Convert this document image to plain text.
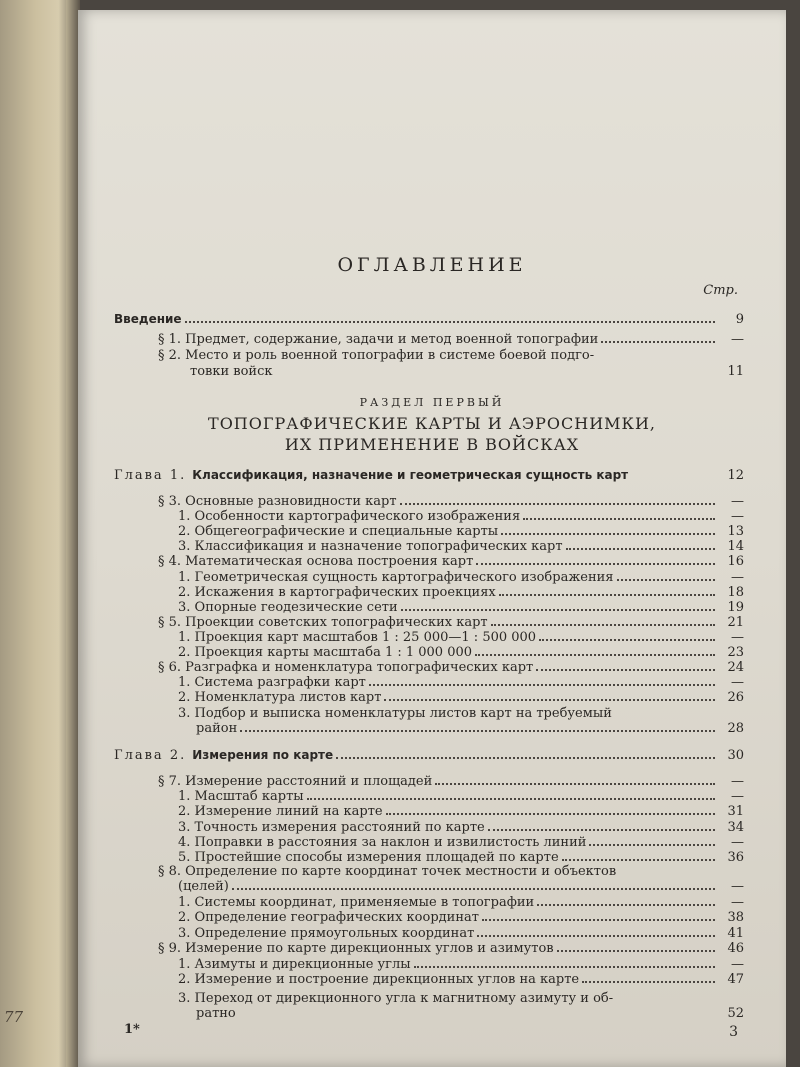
77
ОГЛАВЛЕНИЕ
Стр.
Введение	9
§ 1. Предмет, содержание, задачи и метод военной топографии	—
§ 2. Место и роль военной топографии в системе боевой подго-
товки войск	11
РАЗДЕЛ ПЕРВЫЙ
ТОПОГРАФИЧЕСКИЕ КАРТЫ И АЭРОСНИМКИ,
ИХ ПРИМЕНЕНИЕ В ВОЙСКАХ
Глава 1. Классификация, назначение и геометрическая сущность карт	12
§ 3. Основные разновидности карт	—
1. Особенности картографического изображения	—
2. Общегеографические и специальные карты	13
3. Классификация и назначение топографических карт	14
§ 4. Математическая основа построения карт	16
1. Геометрическая сущность картографического изображения	—
2. Искажения в картографических проекциях	18
3. Опорные геодезические сети	19
§ 5. Проекции советских топографических карт	21
1. Проекция карт масштабов 1 : 25 000—1 : 500 000	—
2. Проекция карты масштаба 1 : 1 000 000	23
§ 6. Разграфка и номенклатура топографических карт	24
1. Система разграфки карт	—
2. Номенклатура листов карт	26
3. Подбор и выписка номенклатуры листов карт на требуемый
район	28
Глава 2. Измерения по карте	30
§ 7. Измерение расстояний и площадей	—
1. Масштаб карты	—
2. Измерение линий на карте	31
3. Точность измерения расстояний по карте	34
4. Поправки в расстояния за наклон и извилистость линий	—
5. Простейшие способы измерения площадей по карте	36
§ 8. Определение по карте координат точек местности и объектов
(целей)	—
1. Системы координат, применяемые в топографии	—
2. Определение географических координат	38
3. Определение прямоугольных координат	41
§ 9. Измерение по карте дирекционных углов и азимутов	46
1. Азимуты и дирекционные углы	—
2. Измерение и построение дирекционных углов на карте	47
3. Переход от дирекционного угла к магнитному азимуту и об-
ратно	52
1*	3
